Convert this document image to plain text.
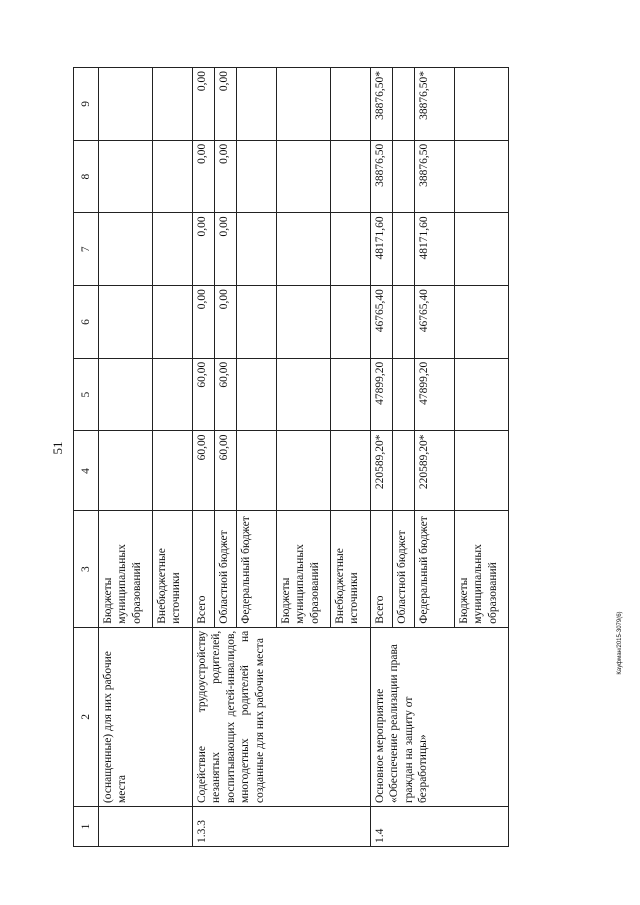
51
Кауфман/2015-3079(6)
1	2	3	4	5	6	7	8	9
	(оснащенные) для них рабочие места	Бюджеты муниципальных образований						
		Внебюджетные источники						
1.3.3	Содействие трудоустройству незанятых родителей, воспитывающих детей-инвалидов, многодетных родителей на созданные для них рабочие места	Всего	60,00	60,00	0,00	0,00	0,00	0,00
		Областной бюджет	60,00	60,00	0,00	0,00	0,00	0,00
		Федеральный бюджет						
		Бюджеты муниципальных образований						
		Внебюджетные источники						
1.4	Основное мероприятие «Обеспечение реализации права граждан на защиту от безработицы»	Всего	220589,20*	47899,20	46765,40	48171,60	38876,50	38876,50*
		Областной бюджет						
		Федеральный бюджет	220589,20*	47899,20	46765,40	48171,60	38876,50	38876,50*
		Бюджеты муниципальных образований						
